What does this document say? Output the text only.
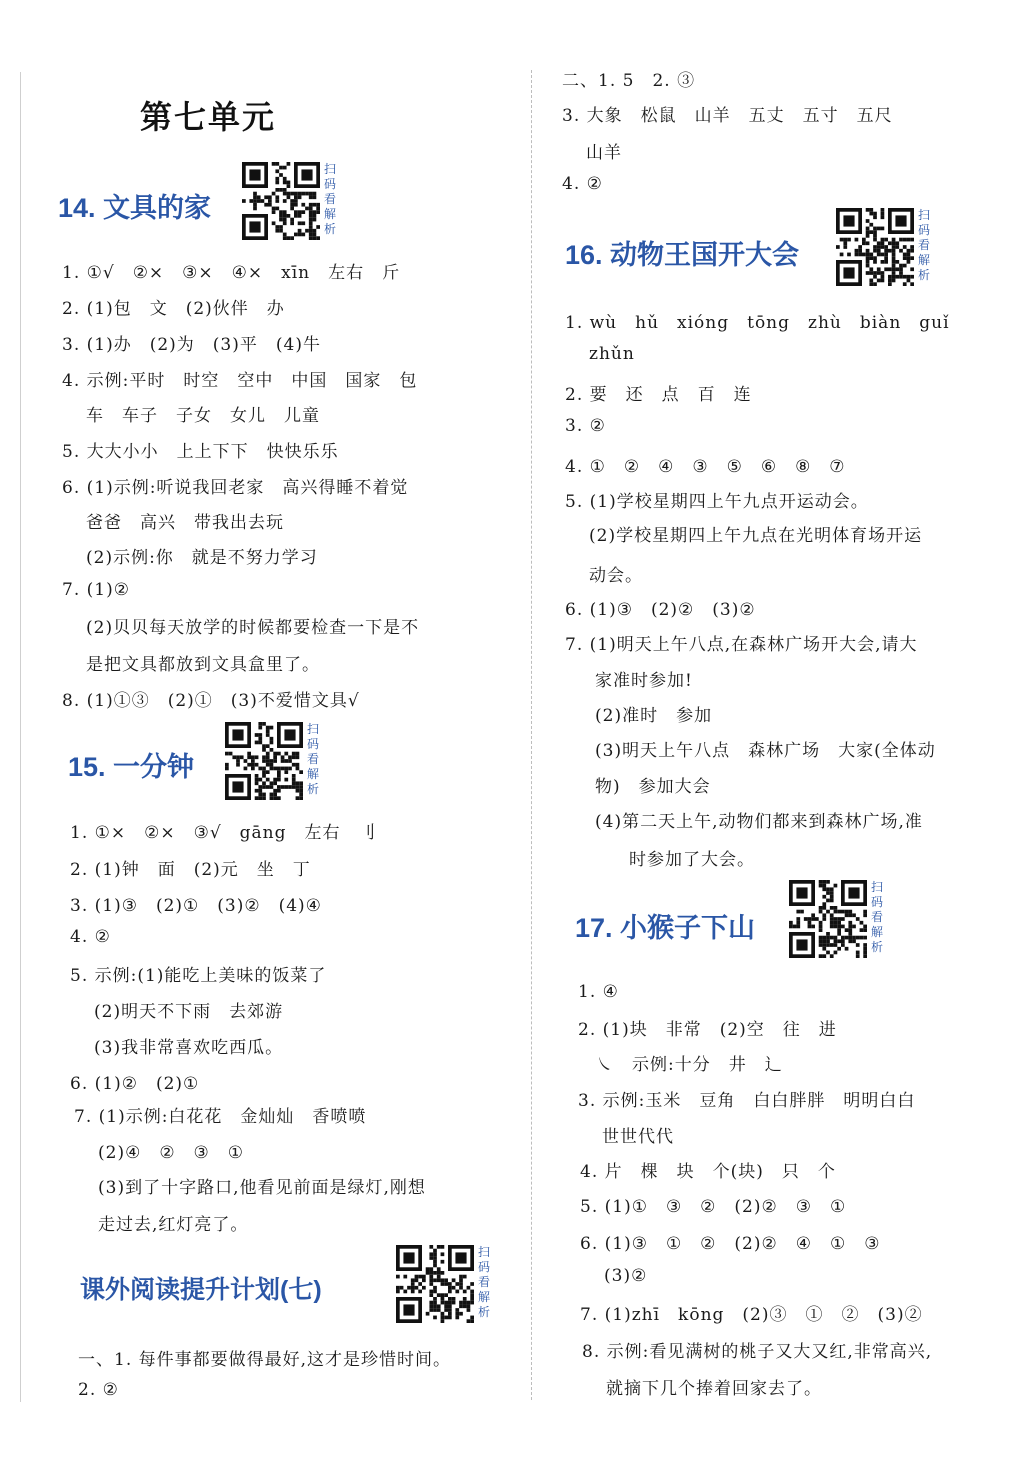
第七单元
14. 文具的家
扫
码
看
解
析
1. ①√　②×　③×　④×　xīn　左右　斤
2. (1)包　文　(2)伙伴　办
3. (1)办　(2)为　(3)平　(4)牛
4. 示例:平时　时空　空中　中国　国家　包
车　车子　子女　女儿　儿童
5. 大大小小　上上下下　快快乐乐
6. (1)示例:听说我回老家　高兴得睡不着觉
爸爸　高兴　带我出去玩
(2)示例:你　就是不努力学习
7. (1)②
(2)贝贝每天放学的时候都要检查一下是不
是把文具都放到文具盒里了。
8. (1)①③　(2)①　(3)不爱惜文具√
15. 一分钟
扫
码
看
解
析
1. ①×　②×　③√　gāng　左右　刂
2. (1)钟　面　(2)元　坐　丁
3. (1)③　(2)①　(3)②　(4)④
4. ②
5. 示例:(1)能吃上美味的饭菜了
(2)明天不下雨　去郊游
(3)我非常喜欢吃西瓜。
6. (1)②　(2)①
7. (1)示例:白花花　金灿灿　香喷喷
(2)④　②　③　①
(3)到了十字路口,他看见前面是绿灯,刚想
走过去,红灯亮了。
课外阅读提升计划(七)
扫
码
看
解
析
一、1. 每件事都要做得最好,这才是珍惜时间。
2. ②
二、1. 5　2. ③
3. 大象　松鼠　山羊　五丈　五寸　五尺
山羊
4. ②
16. 动物王国开大会
扫
码
看
解
析
1. wù　hǔ　xióng　tōng　zhù　biàn　guǐ
zhǔn
2. 要　还　点　百　连
3. ②
4. ①　②　④　③　⑤　⑥　⑧　⑦
5. (1)学校星期四上午九点开运动会。
(2)学校星期四上午九点在光明体育场开运
动会。
6. (1)③　(2)②　(3)②
7. (1)明天上午八点,在森林广场开大会,请大
家准时参加!
(2)准时　参加
(3)明天上午八点　森林广场　大家(全体动
物)　参加大会
(4)第二天上午,动物们都来到森林广场,准
时参加了大会。
17. 小猴子下山
扫
码
看
解
析
1. ④
2. (1)块　非常　(2)空　往　进
㇏　示例:十分　井　辶
3. 示例:玉米　豆角　白白胖胖　明明白白
世世代代
4. 片　棵　块　个(块)　只　个
5. (1)①　③　②　(2)②　③　①
6. (1)③　①　②　(2)②　④　①　③
(3)②
7. (1)zhī　kōng　(2)③　①　②　(3)②
8. 示例:看见满树的桃子又大又红,非常高兴,
就摘下几个捧着回家去了。
